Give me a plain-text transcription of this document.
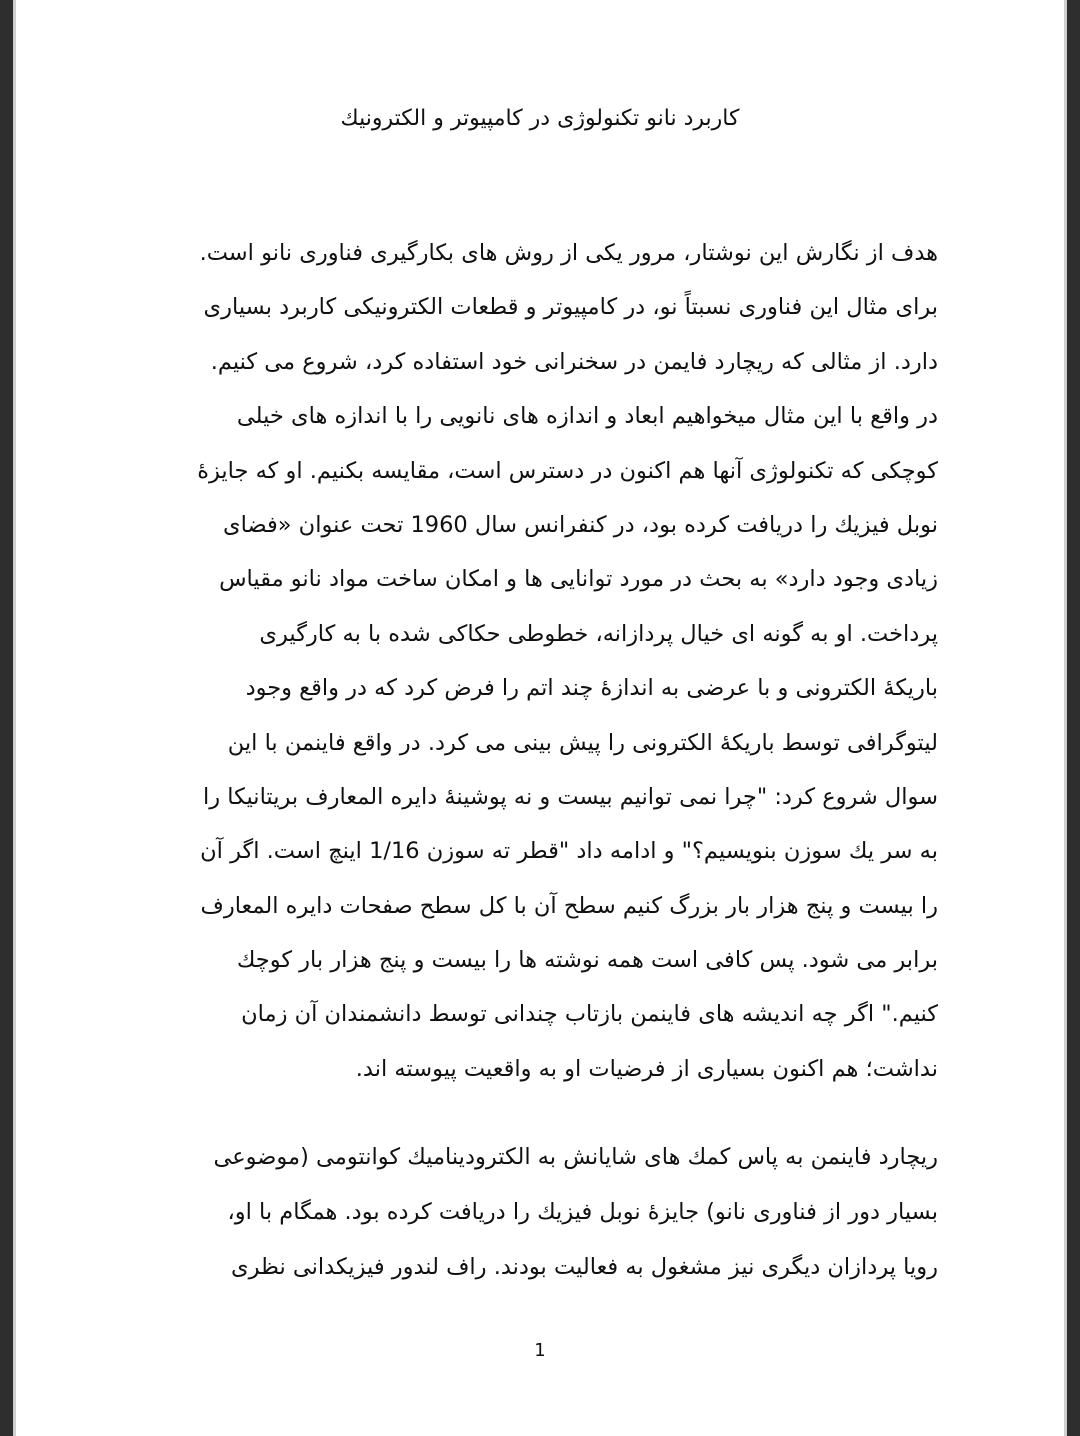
کاربرد نانو تکنولوژی در کامپیوتر و الکترونیك
هدف از نگارش این نوشتار، مرور یکی از روش های بکارگیری فناوری نانو است.
برای مثال این فناوری نسبتاً نو، در کامپیوتر و قطعات الکترونیکی کاربرد بسیاری
دارد. از مثالی که ریچارد فایمن در سخنرانی خود استفاده کرد، شروع می کنیم.
در واقع با این مثال میخواهیم ابعاد و اندازه های نانویی را با اندازه های خیلی
کوچکی که تکنولوژی آنها هم اکنون در دسترس است، مقایسه بکنیم. او که جایزهٔ
نوبل فیزیك را دریافت کرده بود، در کنفرانس سال 1960 تحت عنوان «فضای
زیادی وجود دارد» به بحث در مورد توانایی ها و امکان ساخت مواد نانو مقیاس
پرداخت. او به گونه ای خیال پردازانه، خطوطی حکاکی شده با به کارگیری
باریکهٔ الکترونی و با عرضی به اندازهٔ چند اتم را فرض کرد که در واقع وجود
لیتوگرافی توسط باریکهٔ الکترونی را پیش بینی می کرد. در واقع فاینمن با این
سوال شروع کرد: "چرا نمی توانیم بیست و نه پوشینهٔ دایره المعارف بریتانیکا را
به سر یك سوزن بنویسیم؟" و ادامه داد "قطر ته سوزن 1/16 اینچ است. اگر آن
را بیست و پنج هزار بار بزرگ کنیم سطح آن با کل سطح صفحات دایره المعارف
برابر می شود. پس کافی است همه نوشته ها را بیست و پنج هزار بار کوچك
کنیم." اگر چه اندیشه های فاینمن بازتاب چندانی توسط دانشمندان آن زمان
نداشت؛ هم اکنون بسیاری از فرضیات او به واقعیت پیوسته اند.
ریچارد فاینمن به پاس کمك های شایانش به الکترودینامیك کوانتومی (موضوعی
بسیار دور از فناوری نانو) جایزهٔ نوبل فیزیك را دریافت کرده بود. همگام با او،
رویا پردازان دیگری نیز مشغول به فعالیت بودند. راف لندور فیزیکدانی نظری
1
